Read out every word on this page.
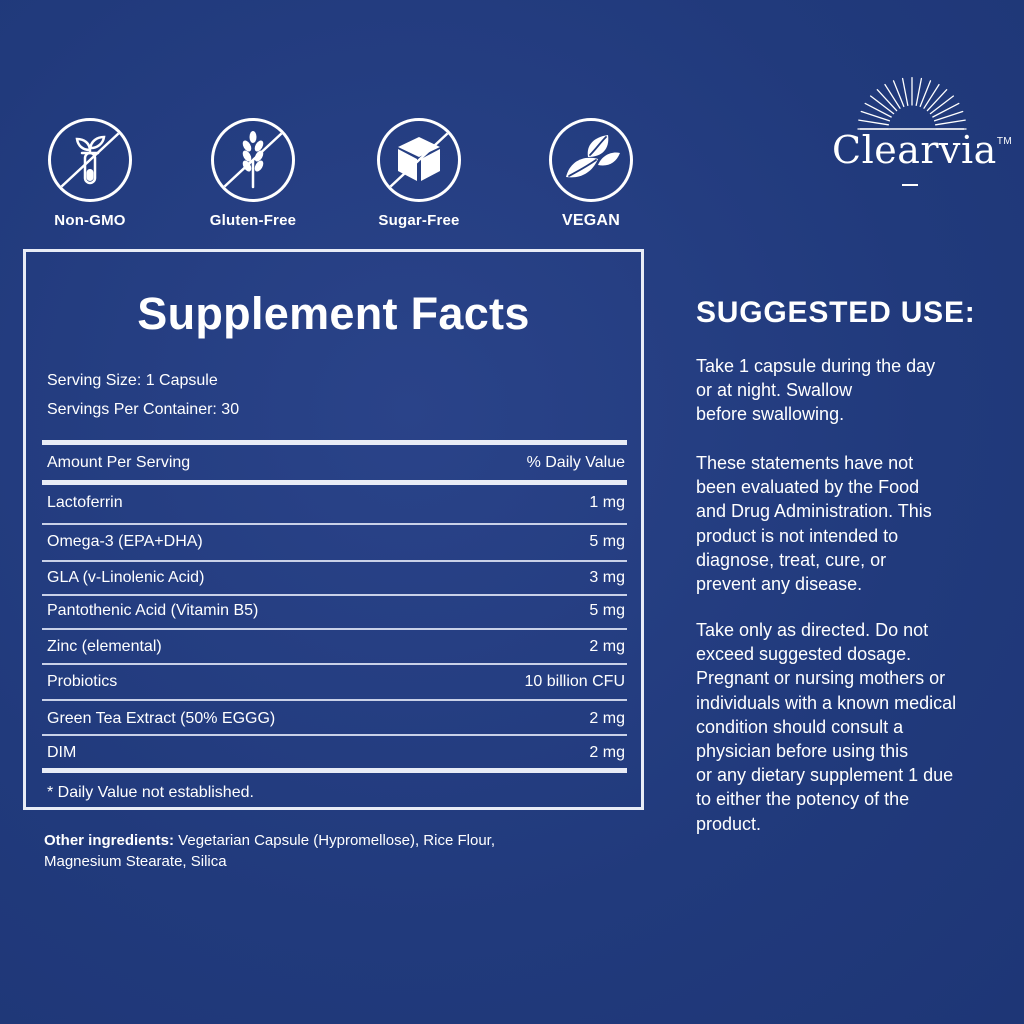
Non-GMO	Gluten-Free	Sugar-Free	VEGAN
Clearvia™
Supplement Facts
Serving Size: 1 Capsule
Servings Per Container: 30
Amount Per Serving	% Daily Value
Lactoferrin	1 mg
Omega-3 (EPA+DHA)	5 mg
GLA (v-Linolenic Acid)	3 mg
Pantothenic Acid (Vitamin B5)	5 mg
Zinc (elemental)	2 mg
Probiotics	10 billion CFU
Green Tea Extract (50% EGGG)	2 mg
DIM	2 mg
* Daily Value not established.
Other ingredients: Vegetarian Capsule (Hypromellose), Rice Flour,
Magnesium Stearate, Silica
SUGGESTED USE:

Take 1 capsule during the day
or at night. Swallow
before swallowing.

These statements have not
been evaluated by the Food
and Drug Administration. This
product is not intended to
diagnose, treat, cure, or
prevent any disease.

Take only as directed. Do not
exceed suggested dosage.
Pregnant or nursing mothers or
individuals with a known medical
condition should consult a
physician before using this
or any dietary supplement 1 due
to either the potency of the
product.
